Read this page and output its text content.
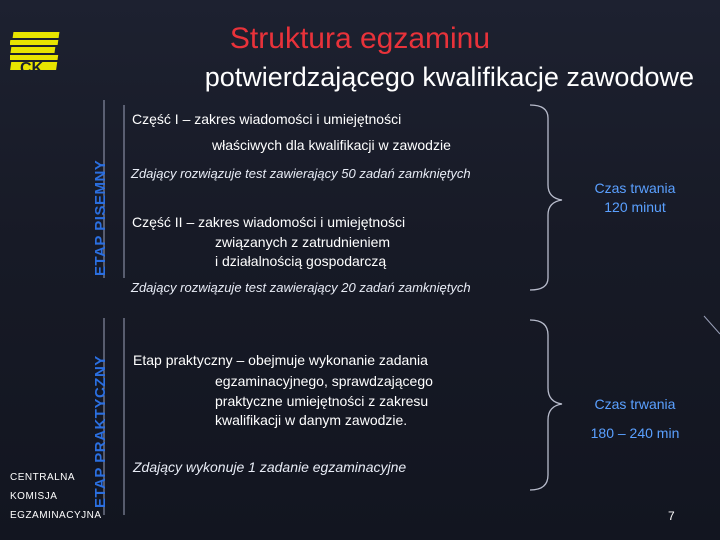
CK
Struktura egzaminu
potwierdzającego kwalifikacje zawodowe
ETAP PISEMNY
ETAP PRAKTYCZNY
Część I – zakres wiadomości i umiejętności
właściwych dla kwalifikacji w zawodzie
Zdający rozwiązuje test zawierający 50 zadań zamkniętych
Część II – zakres wiadomości i umiejętności
związanych z zatrudnieniem
i działalnością gospodarczą
Zdający rozwiązuje test zawierający 20 zadań zamkniętych
Czas trwania
120 minut
Etap praktyczny – obejmuje wykonanie zadania
egzaminacyjnego, sprawdzającego
praktyczne umiejętności z zakresu
kwalifikacji w danym zawodzie.
Zdający wykonuje 1 zadanie egzaminacyjne
Czas trwania
180 – 240 min
CENTRALNA
KOMISJA
EGZAMINACYJNA	7
